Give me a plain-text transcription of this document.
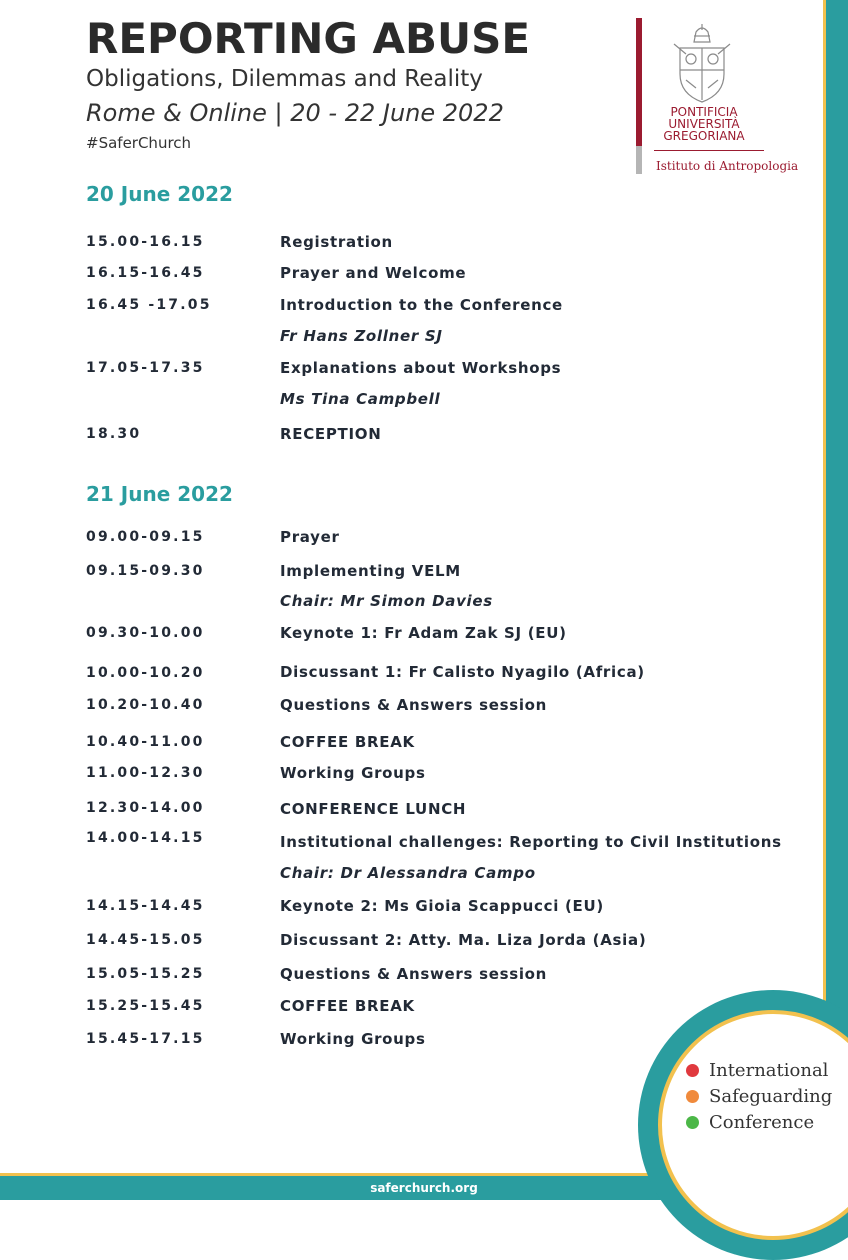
saferchurch.org
REPORTING ABUSE
Obligations, Dilemmas and Reality
Rome & Online | 20 - 22 June 2022
#SaferChurch
PONTIFICIA
UNIVERSITÀ
GREGORIANA
Istituto di Antropologia
20 June 2022
15.00-16.15	Registration
16.15-16.45	Prayer and Welcome
16.45 -17.05	Introduction to the Conference
Fr Hans Zollner SJ
17.05-17.35	Explanations about Workshops
Ms Tina Campbell
18.30	RECEPTION
21 June 2022
09.00-09.15	Prayer
09.15-09.30	Implementing VELM
Chair: Mr Simon Davies
09.30-10.00	Keynote 1: Fr Adam Zak SJ (EU)
10.00-10.20	Discussant 1: Fr Calisto Nyagilo (Africa)
10.20-10.40	Questions & Answers session
10.40-11.00	COFFEE BREAK
11.00-12.30	Working Groups
12.30-14.00	CONFERENCE LUNCH
14.00-14.15	Institutional challenges: Reporting to Civil Institutions
Chair: Dr Alessandra Campo
14.15-14.45	Keynote 2: Ms Gioia Scappucci (EU)
14.45-15.05	Discussant 2: Atty. Ma. Liza Jorda (Asia)
15.05-15.25	Questions & Answers session
15.25-15.45	COFFEE BREAK
15.45-17.15	Working Groups
International
Safeguarding
Conference
